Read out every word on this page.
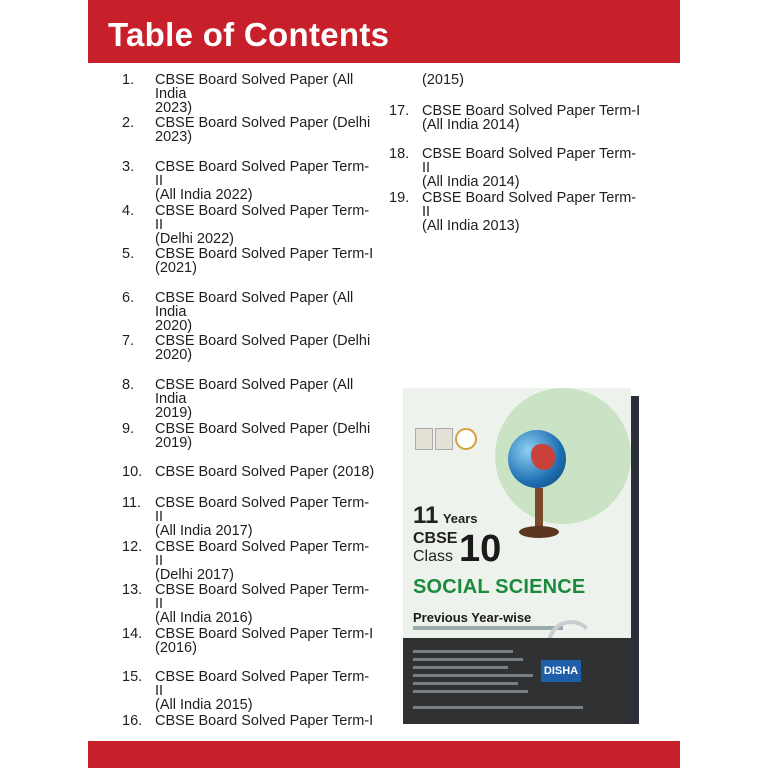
Table of Contents
1.	CBSE Board Solved Paper (All India
2023)
2.	CBSE Board Solved Paper (Delhi
2023)
3.	CBSE Board Solved Paper Term-II
(All India 2022)
4.	CBSE Board Solved Paper Term-II
(Delhi 2022)
5.	CBSE Board Solved Paper Term-I
(2021)
6.	CBSE Board Solved Paper (All India
2020)
7.	CBSE Board Solved Paper (Delhi
2020)
8.	CBSE Board Solved Paper (All India
2019)
9.	CBSE Board Solved Paper (Delhi
2019)
10. CBSE Board Solved Paper (2018)

11. CBSE Board Solved Paper Term- II
(All India 2017)
12. CBSE Board Solved Paper Term-II
(Delhi 2017)
13. CBSE Board Solved Paper Term-II
(All India 2016)
14. CBSE Board Solved Paper Term-I
(2016)
15. CBSE Board Solved Paper Term-II
(All India 2015)
16. CBSE Board Solved Paper Term-I

(2015)
17. CBSE Board Solved Paper Term-I
(All India 2014)
18. CBSE Board Solved Paper Term-II
(All India 2014)
19. CBSE Board Solved Paper Term-II
(All India 2013)
11 Years
CBSE
Class 10
SOCIAL SCIENCE
Previous Year-wise
DISHA
